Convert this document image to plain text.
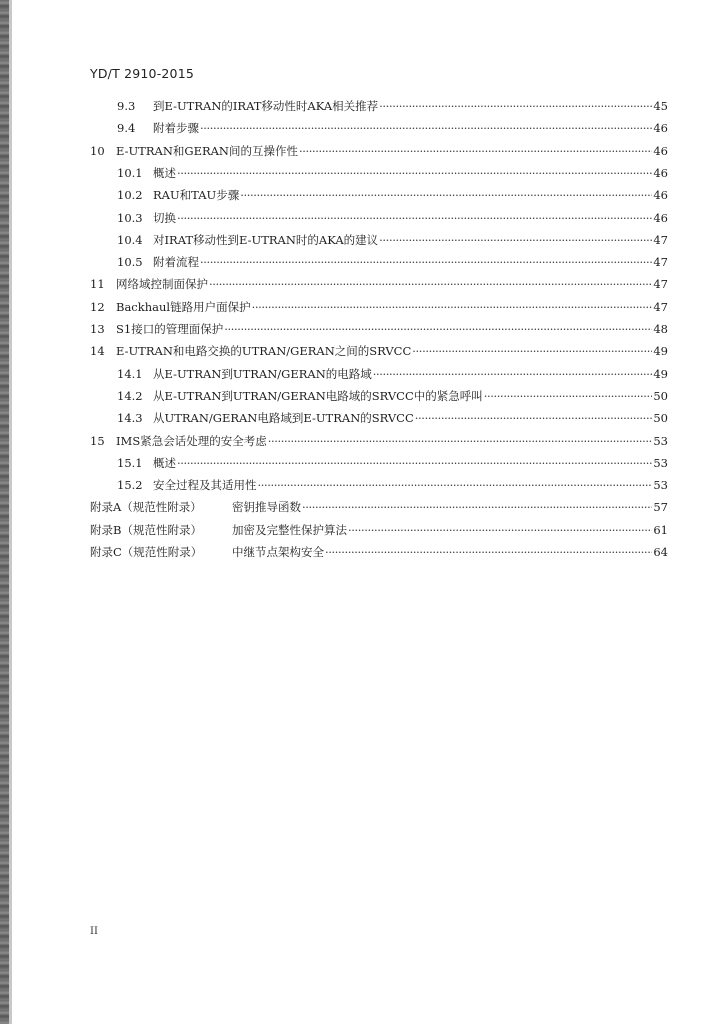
YD/T 2910-2015
9.3	到E-UTRAN的IRAT移动性时AKA相关推荐 ·····	45
9.4	附着步骤 ·····	46
10 E-UTRAN和GERAN间的互操作性 ·····	46
10.1 概述 ·····	46
10.2 RAU和TAU步骤 ·····	46
10.3 切换 ·····	46
10.4 对IRAT移动性到E-UTRAN时的AKA的建议 ·····	47
10.5 附着流程 ·····	47
11 网络域控制面保护 ·····	47
12 Backhaul链路用户面保护 ·····	47
13 S1接口的管理面保护 ·····	48
14 E-UTRAN和电路交换的UTRAN/GERAN之间的SRVCC ·····	49
14.1 从E-UTRAN到UTRAN/GERAN的电路域 ·····	49
14.2 从E-UTRAN到UTRAN/GERAN电路域的SRVCC中的紧急呼叫 ·····	50
14.3 从UTRAN/GERAN电路域到E-UTRAN的SRVCC ·····	50
15 IMS紧急会话处理的安全考虑 ·····	53
15.1 概述 ·····	53
15.2 安全过程及其适用性 ·····	53
附录A（规范性附录）	密钥推导函数 ·····	57
附录B（规范性附录）	加密及完整性保护算法 ·····	61
附录C（规范性附录）	中继节点架构安全 ·····	64
II
